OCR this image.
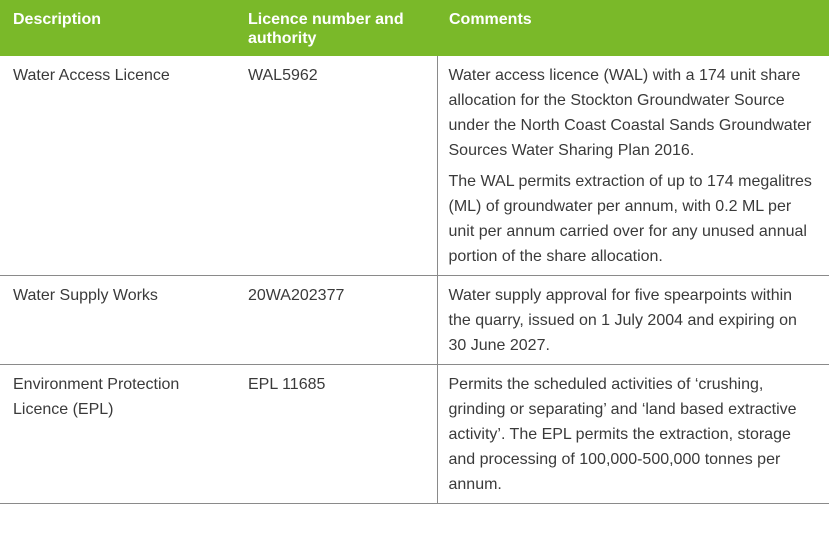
Description	Licence number and authority	Comments
Water Access Licence	WAL5962	Water access licence (WAL) with a 174 unit share allocation for the Stockton Groundwater Source under the North Coast Coastal Sands Groundwater Sources Water Sharing Plan 2016.

The WAL permits extraction of up to 174 megalitres (ML) of groundwater per annum, with 0.2 ML per unit per annum carried over for any unused annual portion of the share allocation.

Water Supply Works	20WA202377	Water supply approval for five spearpoints within the quarry, issued on 1 July 2004 and expiring on 30 June 2027.

Environment Protection Licence (EPL)	EPL 11685	Permits the scheduled activities of ‘crushing, grinding or separating’ and ‘land based extractive activity’. The EPL permits the extraction, storage and processing of 100,000-500,000 tonnes per annum.
